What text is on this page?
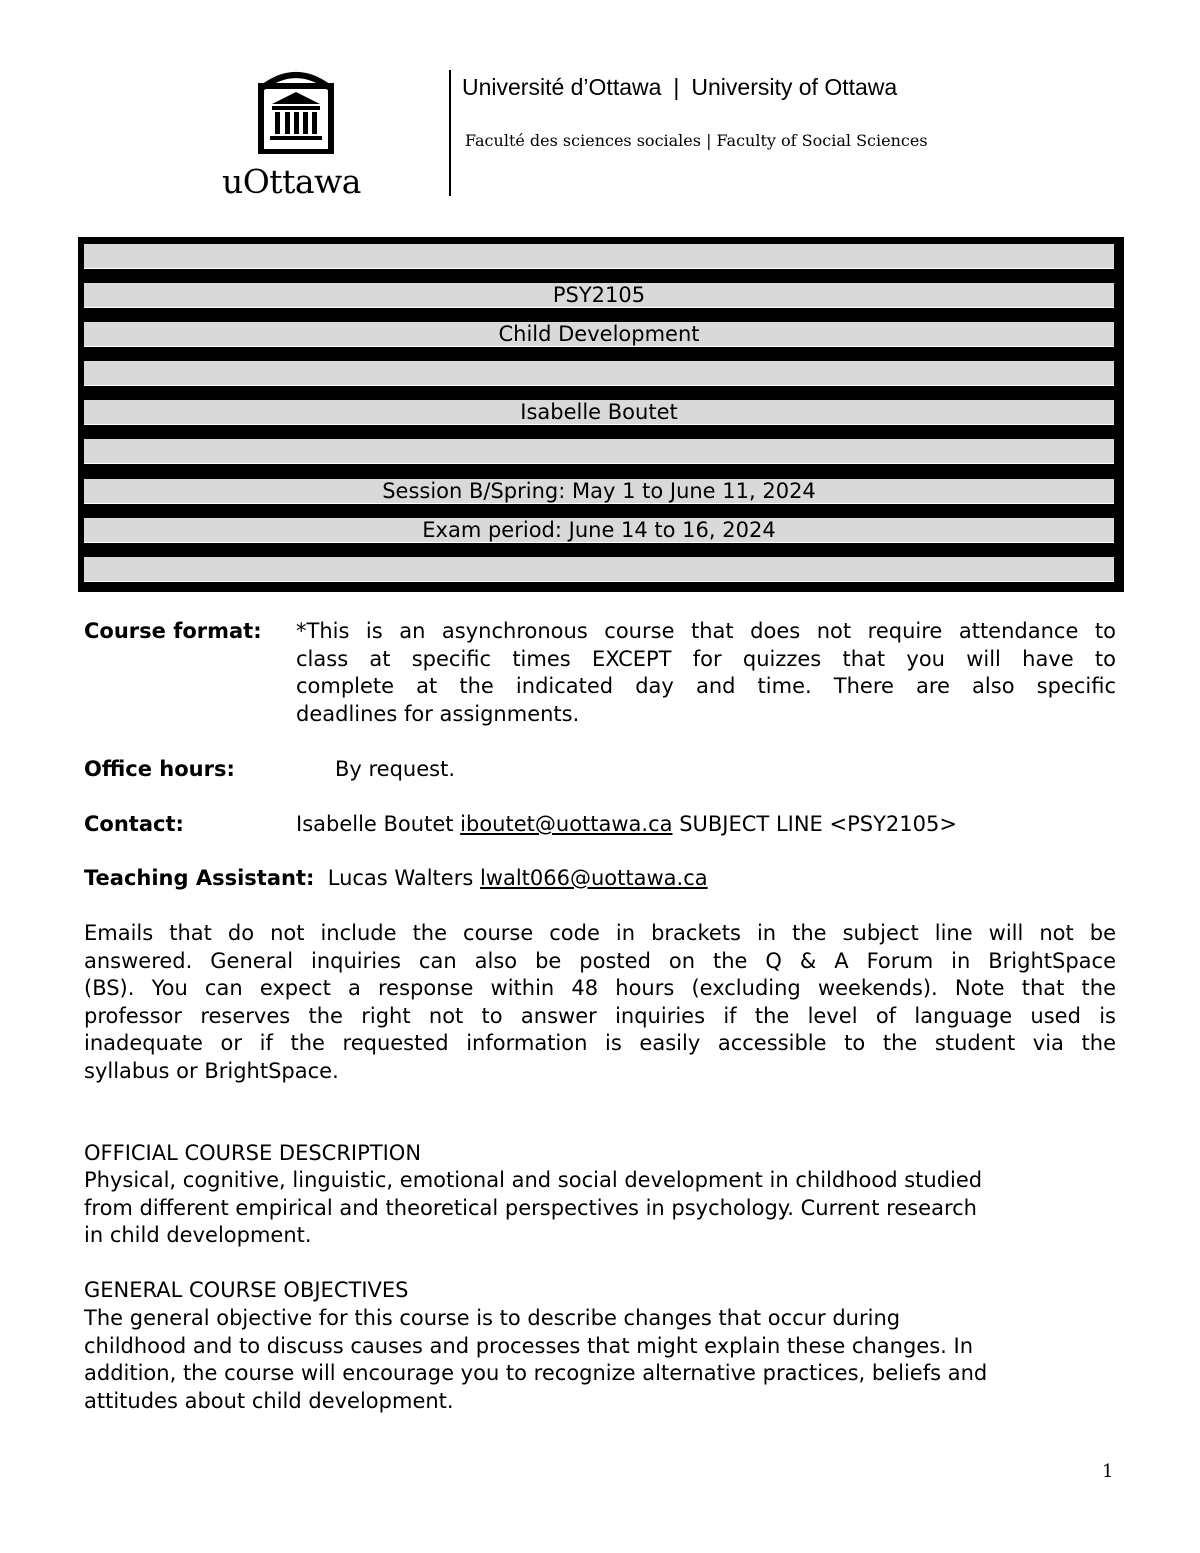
uOttawa
Université d’Ottawa | University of Ottawa
Faculté des sciences sociales | Faculty of Social Sciences
PSY2105
Child Development
Isabelle Boutet
Session B/Spring: May 1 to June 11, 2024
Exam period: June 14 to 16, 2024
Course format: *This is an asynchronous course that does not require attendance to
class at specific times EXCEPT for quizzes that you will have to
complete at the indicated day and time. There are also specific
deadlines for assignments.
Office hours:	By request.
Contact:	Isabelle Boutet iboutet@uottawa.ca SUBJECT LINE <PSY2105>
Teaching Assistant: Lucas Walters lwalt066@uottawa.ca
Emails that do not include the course code in brackets in the subject line will not be
answered. General inquiries can also be posted on the Q & A Forum in BrightSpace
(BS). You can expect a response within 48 hours (excluding weekends). Note that the
professor reserves the right not to answer inquiries if the level of language used is
inadequate or if the requested information is easily accessible to the student via the
syllabus or BrightSpace.
OFFICIAL COURSE DESCRIPTION
Physical, cognitive, linguistic, emotional and social development in childhood studied
from different empirical and theoretical perspectives in psychology. Current research
in child development.
GENERAL COURSE OBJECTIVES
The general objective for this course is to describe changes that occur during
childhood and to discuss causes and processes that might explain these changes. In
addition, the course will encourage you to recognize alternative practices, beliefs and
attitudes about child development.
1
